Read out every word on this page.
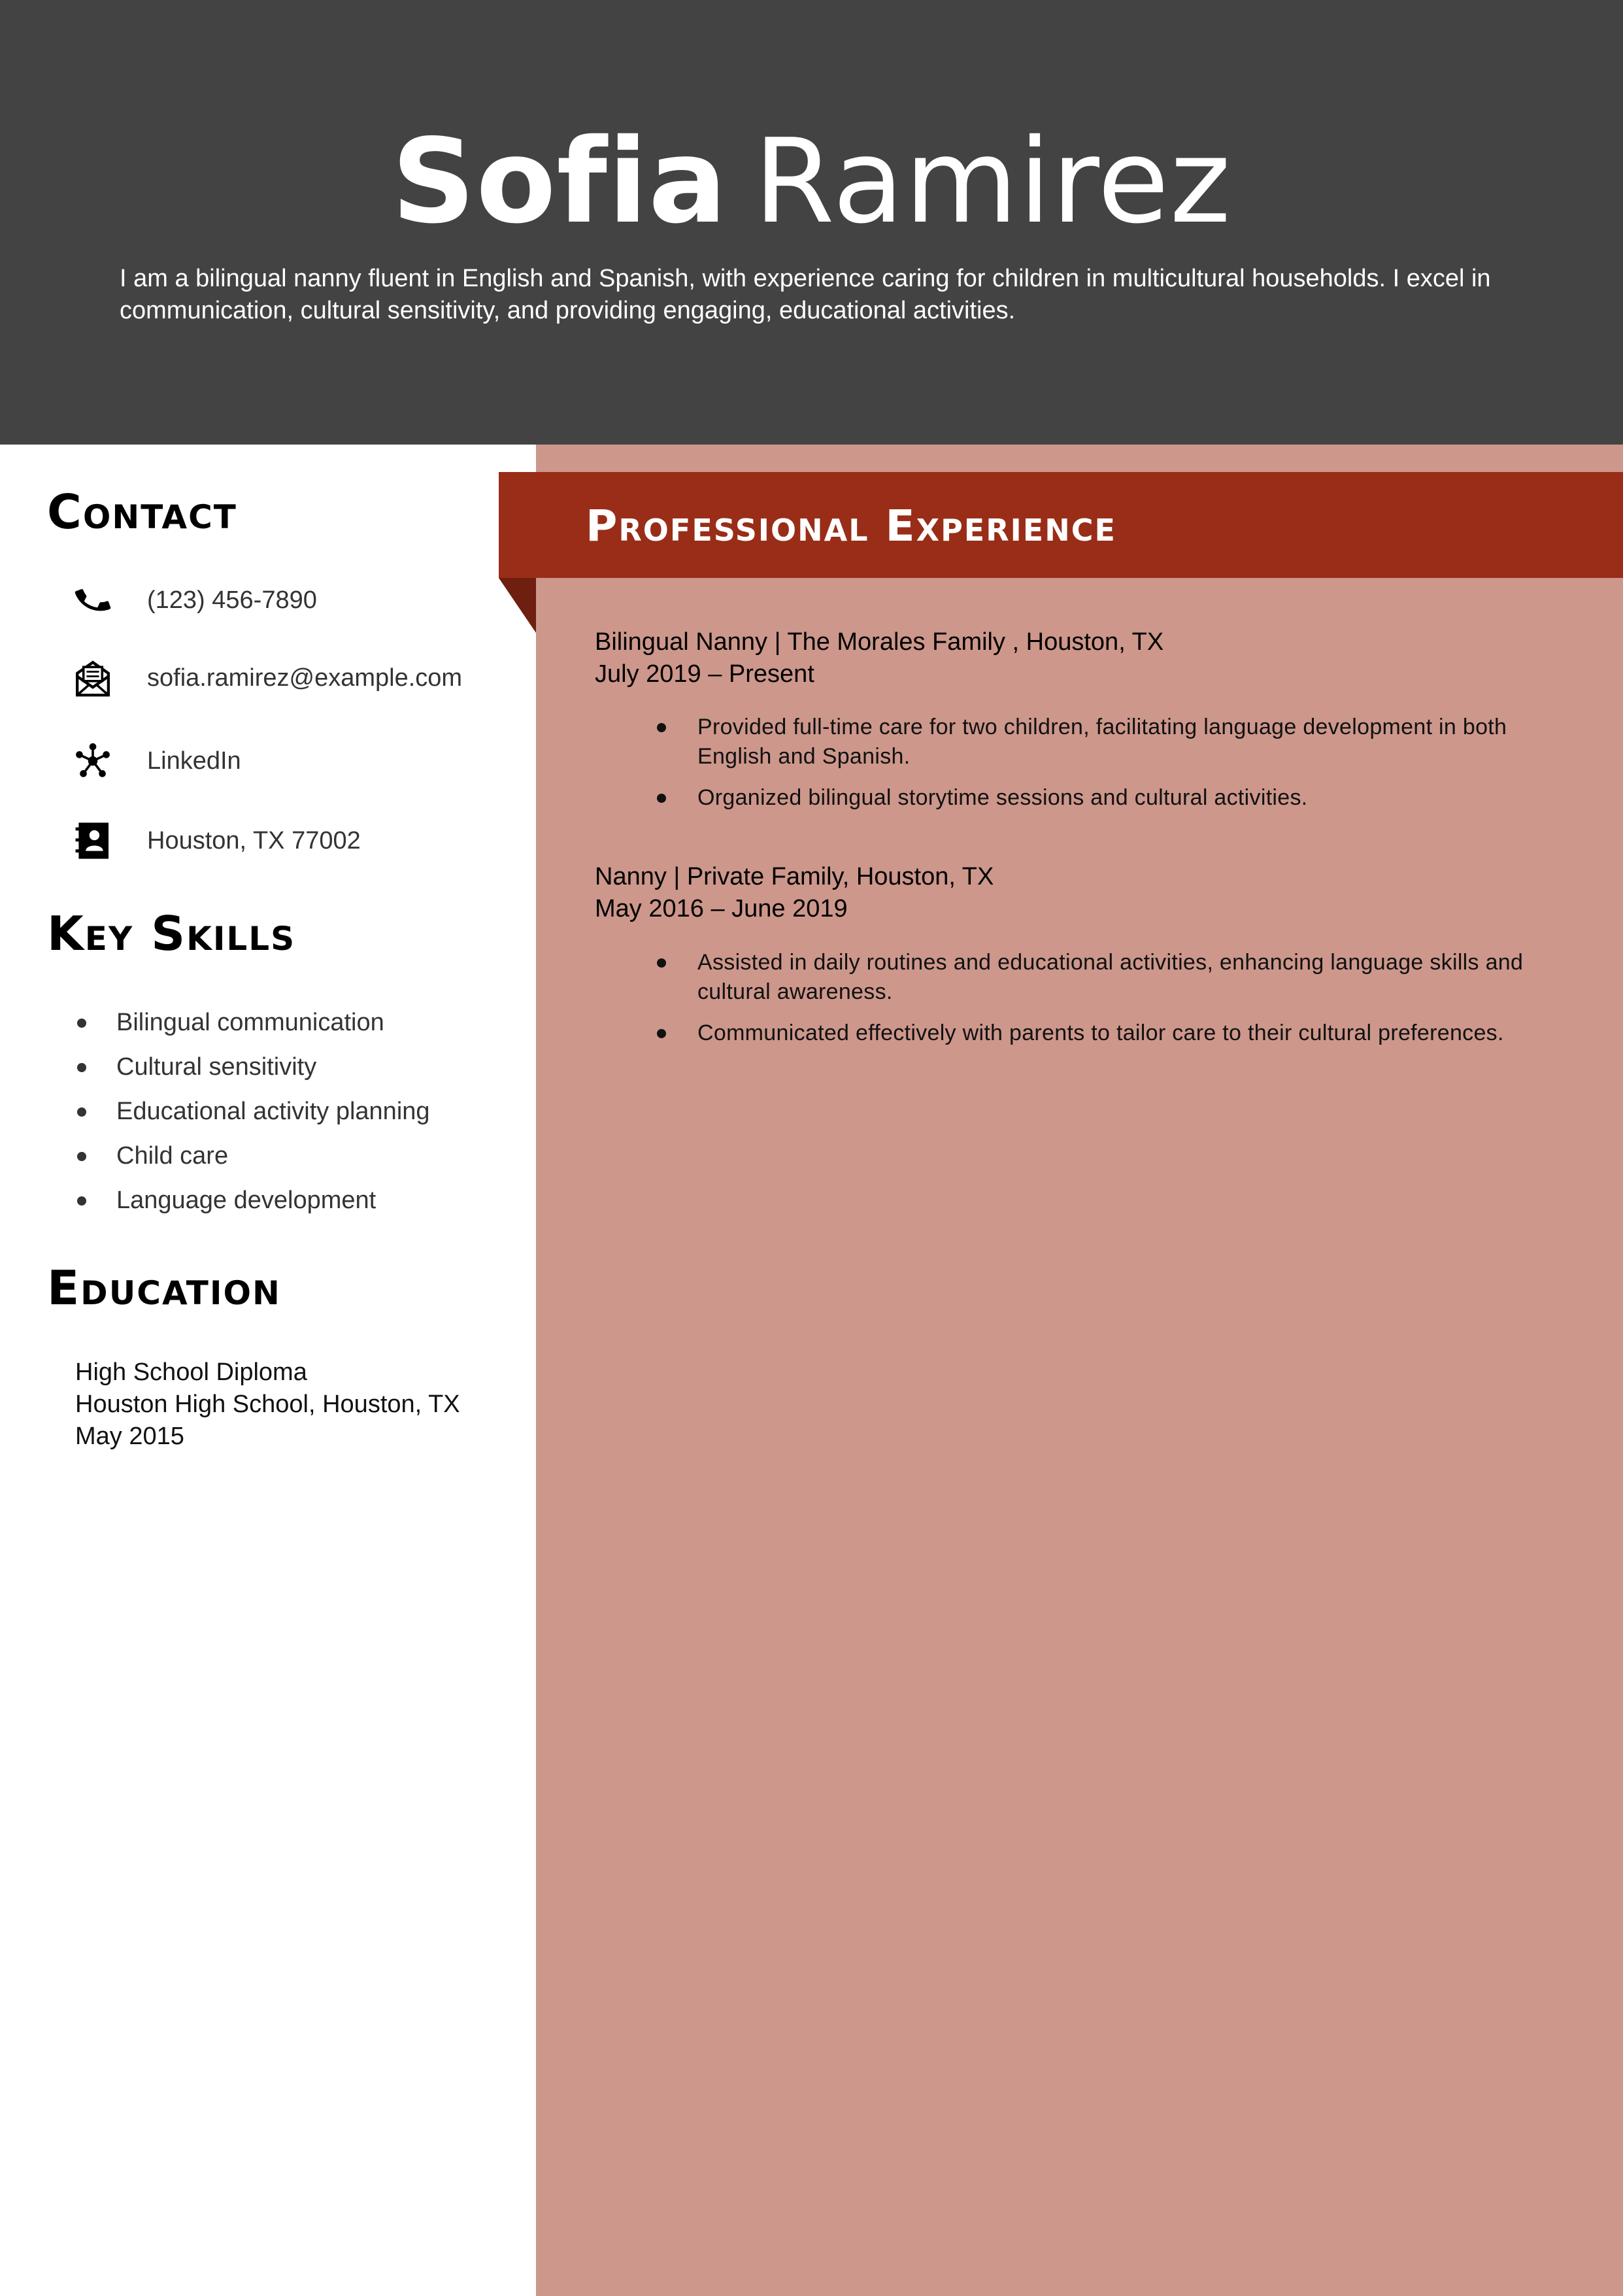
Sofia Ramirez
I am a bilingual nanny fluent in English and Spanish, with experience caring for children in multicultural households. I excel in communication, cultural sensitivity, and providing engaging, educational activities.
Professional Experience
Contact
(123) 456-7890
sofia.ramirez@example.com
LinkedIn
Houston, TX 77002
Key Skills
Bilingual communication
Cultural sensitivity
Educational activity planning
Child care
Language development
Education
High School Diploma
Houston High School, Houston, TX
May 2015
Bilingual Nanny | The Morales Family , Houston, TX
July 2019 – Present
Provided full-time care for two children, facilitating language development in both English and Spanish.
Organized bilingual storytime sessions and cultural activities.
Nanny | Private Family, Houston, TX
May 2016 – June 2019
Assisted in daily routines and educational activities, enhancing language skills and cultural awareness.
Communicated effectively with parents to tailor care to their cultural preferences.
